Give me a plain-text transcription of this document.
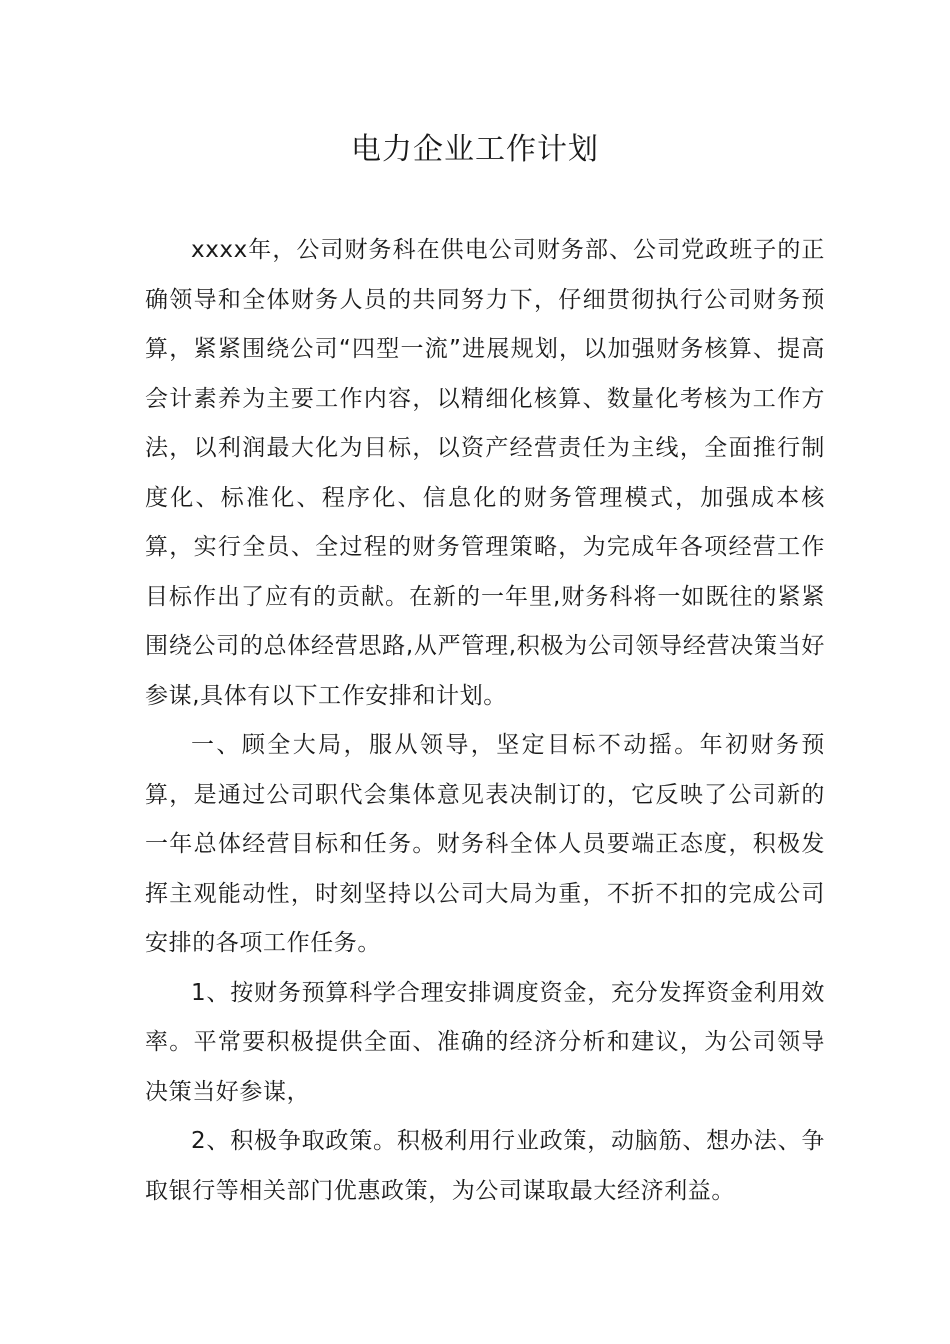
电力企业工作计划

xxxx年，公司财务科在供电公司财务部、公司党政班子的正确领导和全体财务人员的共同努力下，仔细贯彻执行公司财务预算，紧紧围绕公司“四型一流”进展规划，以加强财务核算、提高会计素养为主要工作内容，以精细化核算、数量化考核为工作方法，以利润最大化为目标，以资产经营责任为主线，全面推行制度化、标准化、程序化、信息化的财务管理模式，加强成本核算，实行全员、全过程的财务管理策略，为完成年各项经营工作目标作出了应有的贡献。在新的一年里,财务科将一如既往的紧紧围绕公司的总体经营思路,从严管理,积极为公司领导经营决策当好参谋,具体有以下工作安排和计划。

一、顾全大局，服从领导，坚定目标不动摇。年初财务预算，是通过公司职代会集体意见表决制订的，它反映了公司新的一年总体经营目标和任务。财务科全体人员要端正态度，积极发挥主观能动性，时刻坚持以公司大局为重，不折不扣的完成公司安排的各项工作任务。

1、按财务预算科学合理安排调度资金，充分发挥资金利用效率。平常要积极提供全面、准确的经济分析和建议，为公司领导决策当好参谋，

2、积极争取政策。积极利用行业政策，动脑筋、想办法、争取银行等相关部门优惠政策，为公司谋取最大经济利益。
